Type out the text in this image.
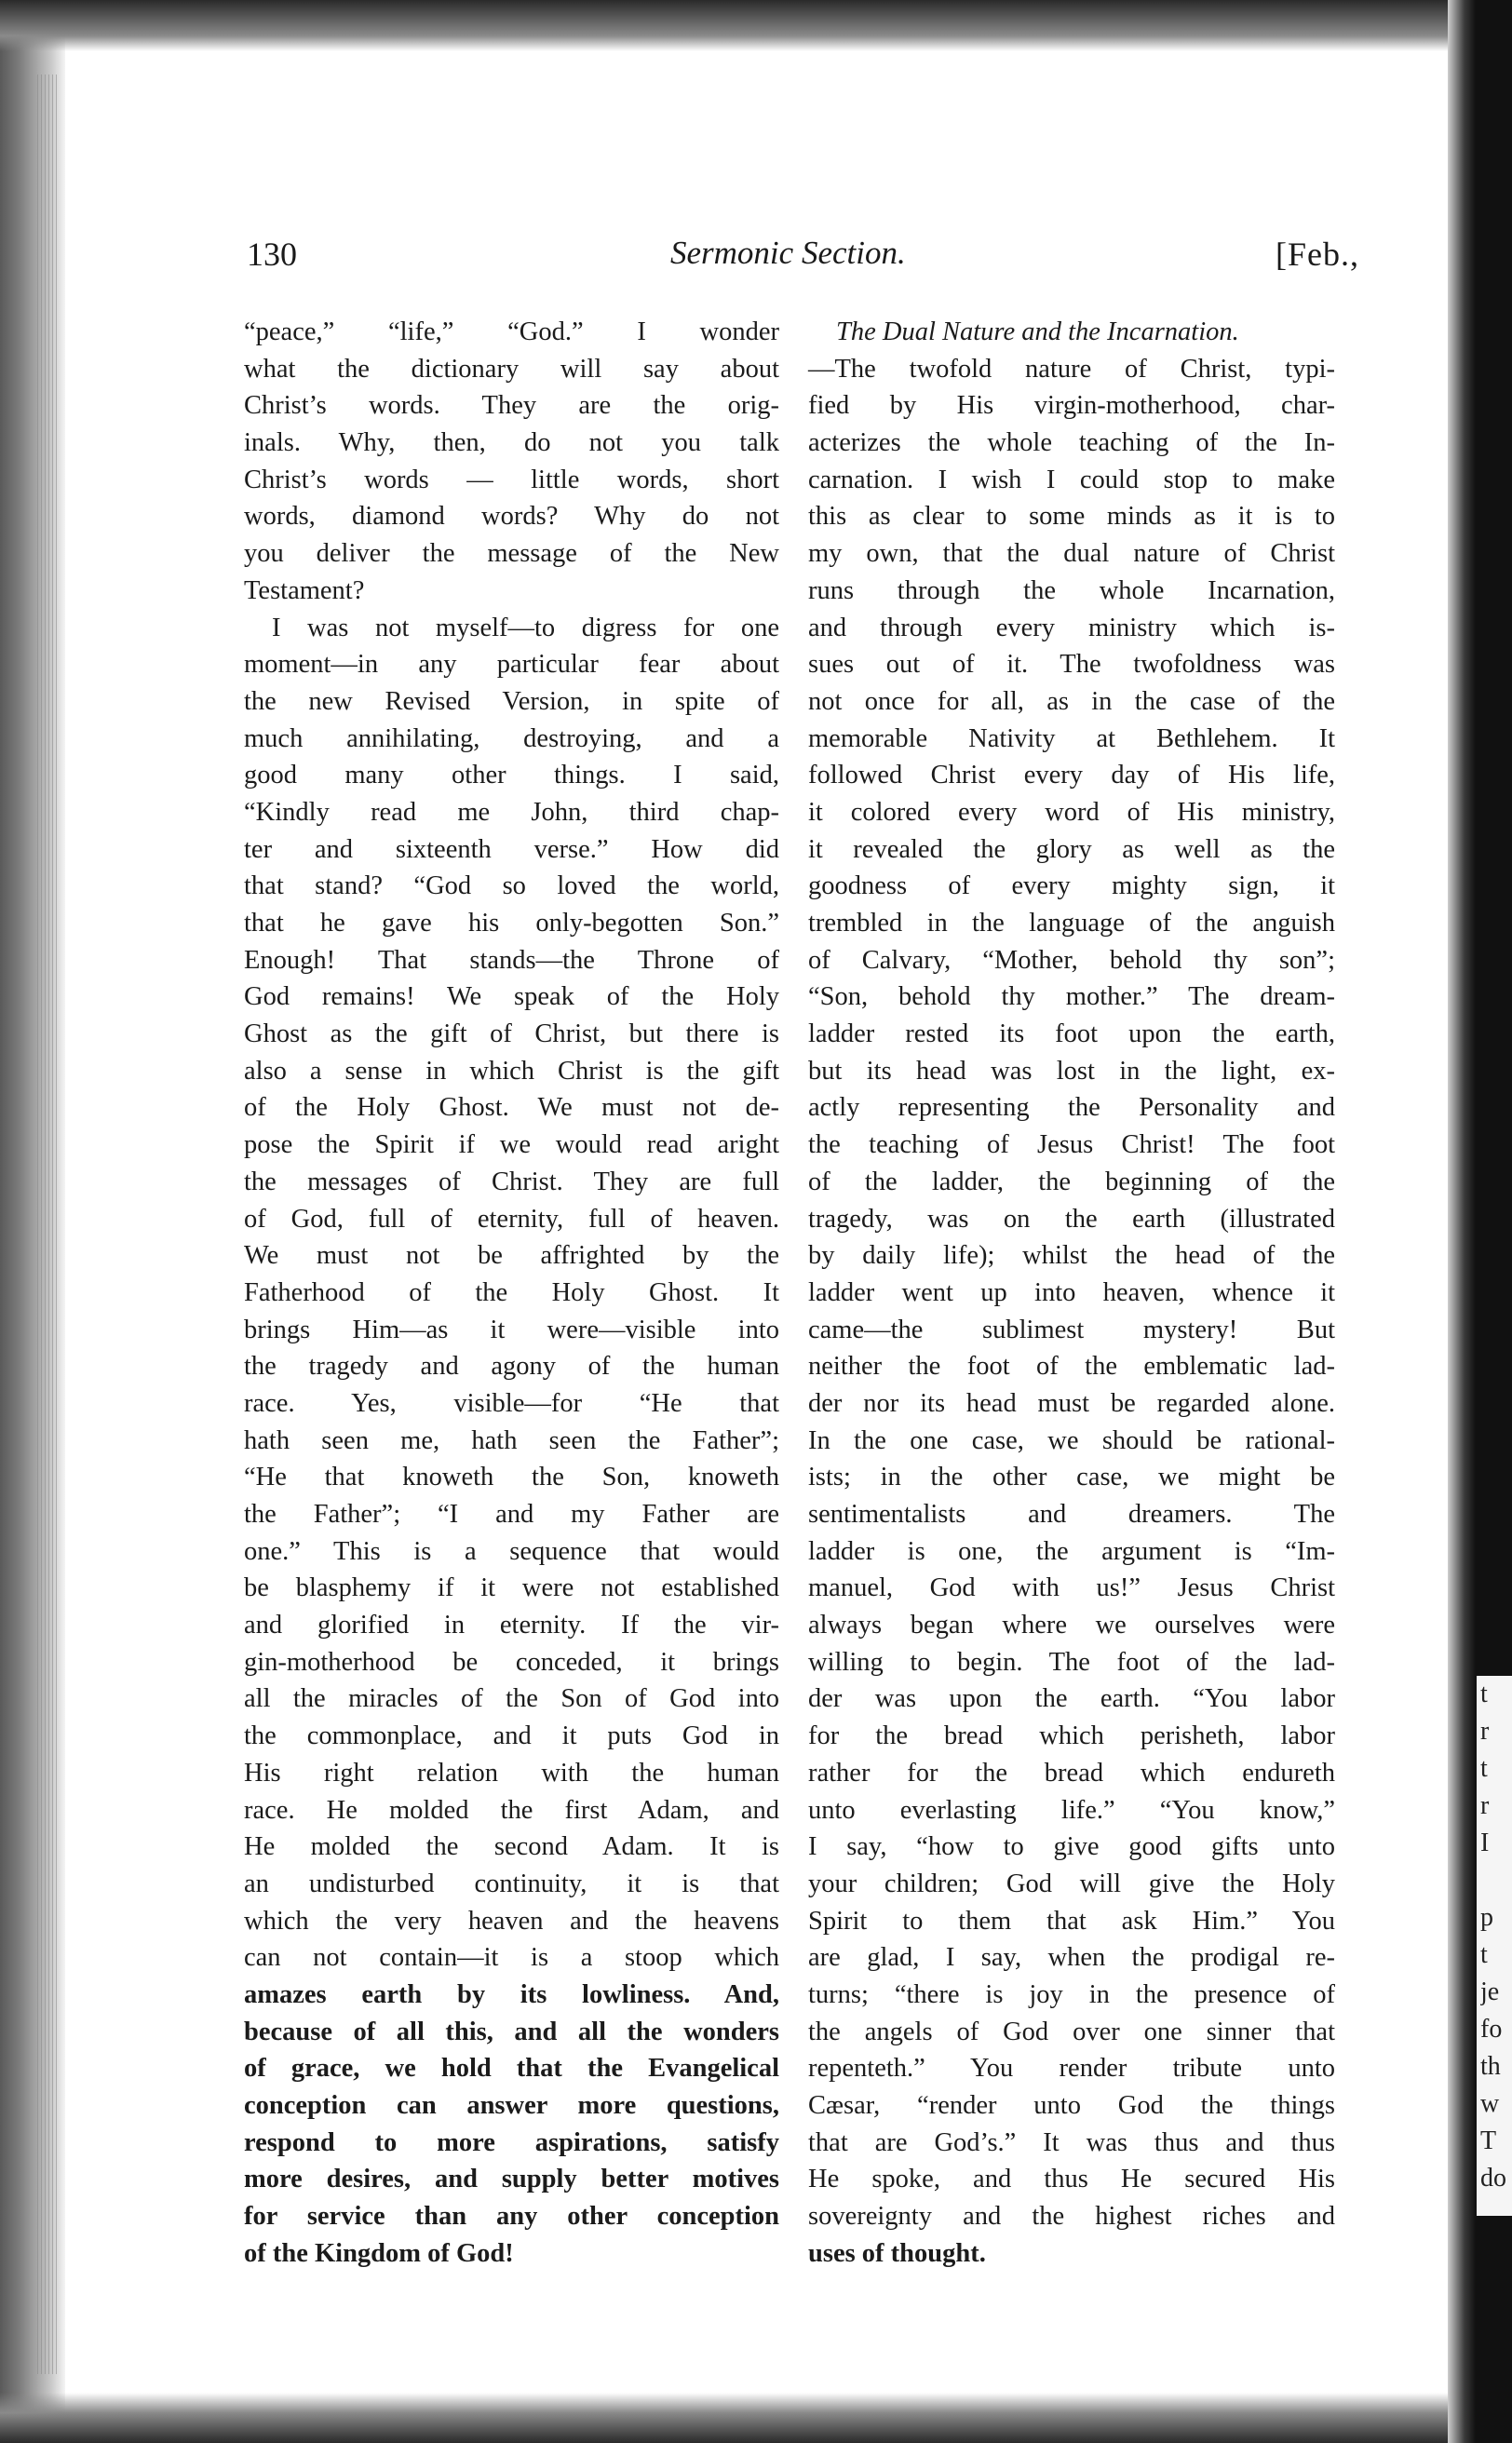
t
r
t
r
I
p
t
je
fo
th
w
T
do
130	Sermonic Section.	[Feb.,
“peace,” “life,” “God.” I wonder
what the dictionary will say about
Christ’s words. They are the orig-
inals. Why, then, do not you talk
Christ’s words — little words, short
words, diamond words? Why do not
you deliver the message of the New
Testament?
I was not myself—to digress for one
moment—in any particular fear about
the new Revised Version, in spite of
much annihilating, destroying, and a
good many other things. I said,
“Kindly read me John, third chap-
ter and sixteenth verse.” How did
that stand? “God so loved the world,
that he gave his only-begotten Son.”
Enough! That stands—the Throne of
God remains! We speak of the Holy
Ghost as the gift of Christ, but there is
also a sense in which Christ is the gift
of the Holy Ghost. We must not de-
pose the Spirit if we would read aright
the messages of Christ. They are full
of God, full of eternity, full of heaven.
We must not be affrighted by the
Fatherhood of the Holy Ghost. It
brings Him—as it were—visible into
the tragedy and agony of the human
race. Yes, visible—for “He that
hath seen me, hath seen the Father”;
“He that knoweth the Son, knoweth
the Father”; “I and my Father are
one.” This is a sequence that would
be blasphemy if it were not established
and glorified in eternity. If the vir-
gin-motherhood be conceded, it brings
all the miracles of the Son of God into
the commonplace, and it puts God in
His right relation with the human
race. He molded the first Adam, and
He molded the second Adam. It is
an undisturbed continuity, it is that
which the very heaven and the heavens
can not contain—it is a stoop which
amazes earth by its lowliness. And,
because of all this, and all the wonders
of grace, we hold that the Evangelical
conception can answer more questions,
respond to more aspirations, satisfy
more desires, and supply better motives
for service than any other conception
of the Kingdom of God!
The Dual Nature and the Incarnation.
—The twofold nature of Christ, typi-
fied by His virgin-motherhood, char-
acterizes the whole teaching of the In-
carnation. I wish I could stop to make
this as clear to some minds as it is to
my own, that the dual nature of Christ
runs through the whole Incarnation,
and through every ministry which is-
sues out of it. The twofoldness was
not once for all, as in the case of the
memorable Nativity at Bethlehem. It
followed Christ every day of His life,
it colored every word of His ministry,
it revealed the glory as well as the
goodness of every mighty sign, it
trembled in the language of the anguish
of Calvary, “Mother, behold thy son”;
“Son, behold thy mother.” The dream-
ladder rested its foot upon the earth,
but its head was lost in the light, ex-
actly representing the Personality and
the teaching of Jesus Christ! The foot
of the ladder, the beginning of the
tragedy, was on the earth (illustrated
by daily life); whilst the head of the
ladder went up into heaven, whence it
came—the sublimest mystery! But
neither the foot of the emblematic lad-
der nor its head must be regarded alone.
In the one case, we should be rational-
ists; in the other case, we might be
sentimentalists and dreamers. The
ladder is one, the argument is “Im-
manuel, God with us!” Jesus Christ
always began where we ourselves were
willing to begin. The foot of the lad-
der was upon the earth. “You labor
for the bread which perisheth, labor
rather for the bread which endureth
unto everlasting life.” “You know,”
I say, “how to give good gifts unto
your children; God will give the Holy
Spirit to them that ask Him.” You
are glad, I say, when the prodigal re-
turns; “there is joy in the presence of
the angels of God over one sinner that
repenteth.” You render tribute unto
Cæsar, “render unto God the things
that are God’s.” It was thus and thus
He spoke, and thus He secured His
sovereignty and the highest riches and
uses of thought.
